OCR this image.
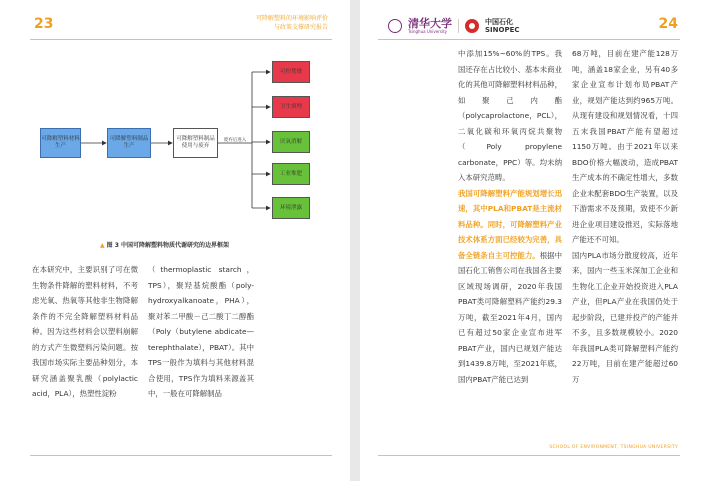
23	可降解塑料的环境影响评价
与政策支撑研究报告
可降解塑料材料生产
可降解塑料制品生产
可降解塑料制品使用与废弃
废弃后进入
可控焚烧
卫生填埋
厌氧消解
工业堆肥
环境泄露
▲ 图 3 中国可降解塑料物质代谢研究的边界框架
在本研究中，主要识别了可在微生物条件降解的塑料材料，不考虑光氧、热氧等其他非生物降解条件的不完全降解塑料材料品种。因为这些材料会以塑料崩解的方式产生微塑料污染问题。按我国市场实际主要品种划分，本研究涵盖聚乳酸（polylactic acid，PLA），热塑性淀粉
（thermoplastic starch，TPS），聚羟基烷酸酯（poly- hydroxyalkanoate，PHA），聚对苯二甲酸－己二酸丁二醇酯（Poly（butylene abdicate—terephthalate），PBAT）。其中TPS一般作为填料与其他材料混合使用，TPS作为填料来源盖其中，一般在可降解制品
清华大学
Tsinghua University
中国石化
SINOPEC	24
中添加15%~60%的TPS。我国还存在占比较小、基本未商业化的其他可降解塑料材料品种，如聚己内酯（polycaprolactone，PCL），二氧化碳和环氧丙烷共聚物（Poly propylene carbonate，PPC）等。均未纳入本研究范畴。
我国可降解塑料产能规划增长迅速，其中PLA和PBAT是主流材料品种。同时，可降解塑料产业技术体系方面已经较为完善，具备全链条自主可控能力。根据中国石化工销售公司在我国各主要区域现场调研，2020年我国PBAT类可降解塑料产能约29.3万吨，截至2021年4月，国内已有超过50家企业宣布进军PBAT产业，国内已规划产能达到1439.8万吨，至2021年底，国内PBAT产能已达到
68万吨，目前在建产能128万吨，涵盖18家企业，另有40多家企业宣布计划布局PBAT产业，规划产能达到约965万吨。从现有建设和规划情况看，十四五末我国PBAT产能有望超过1150万吨。由于2021年以来BDO价格大幅波动，造成PBAT生产成本的不确定性增大，多数企业未配套BDO生产装置，以及下游需求不及预期，致使不少新进企业项目建设推迟，实际落地产能还不可知。
国内PLA市场分散度较高，近年来，国内一些玉米深加工企业和生物化工企业开始投资进入PLA产业，但PLA产业在我国仍处于起步阶段，已建并投产的产能并不多，且多数规模较小。2020年我国PLA类可降解塑料产能约22万吨，目前在建产能超过60万
SCHOOL OF ENVIRONMENT, TSINGHUA UNIVERSITY
